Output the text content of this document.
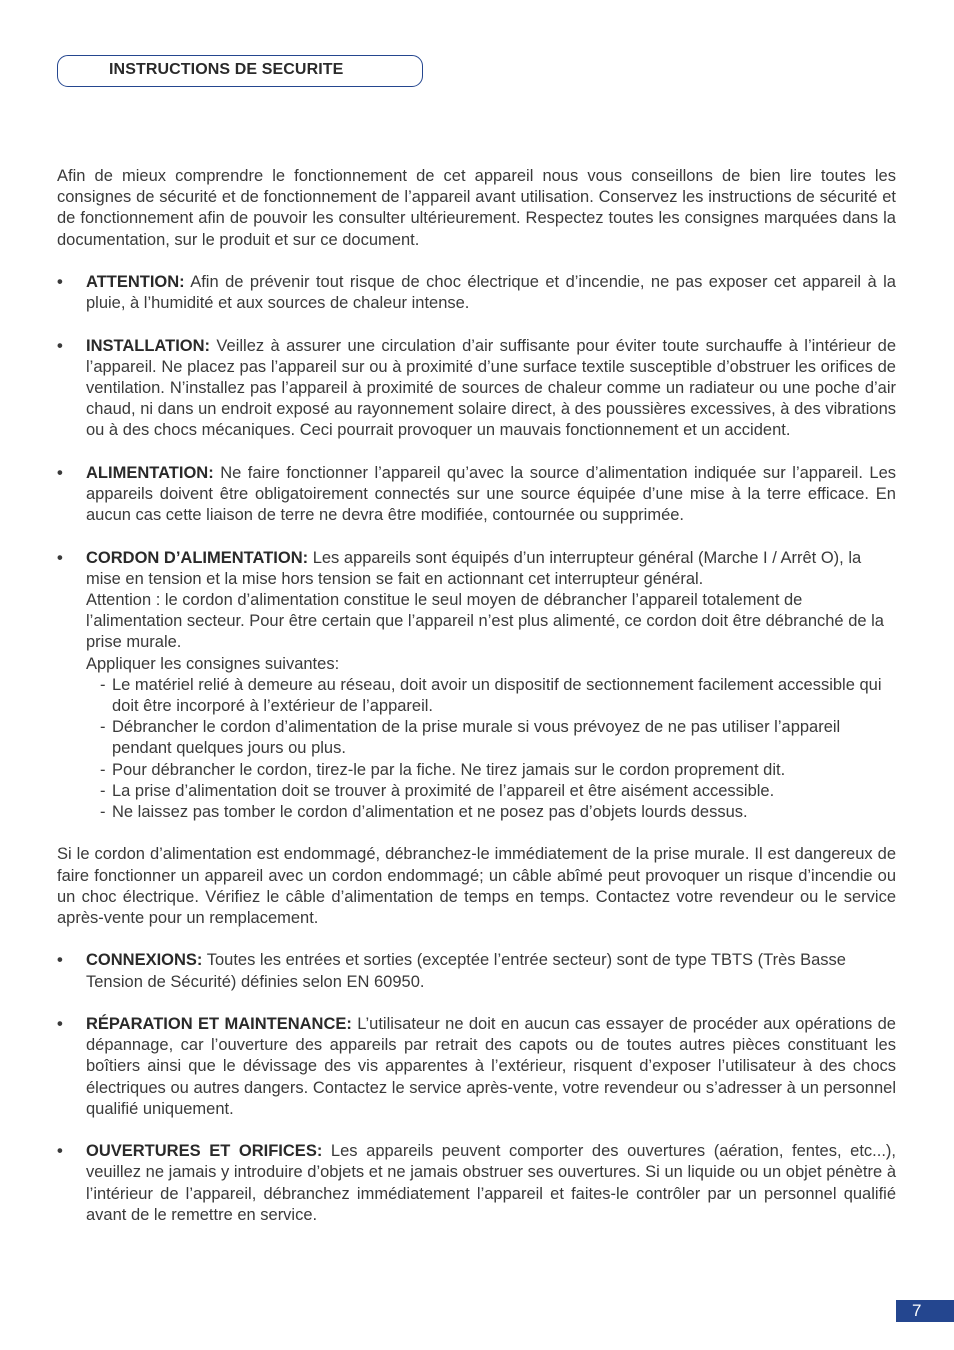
INSTRUCTIONS DE SECURITE

Afin de mieux comprendre le fonctionnement de cet appareil nous vous conseillons de bien lire toutes les consignes de sécurité et de fonctionnement de l’appareil avant utilisation. Conservez les instructions de sécurité et de fonctionnement afin de pouvoir les consulter ultérieurement. Respectez toutes les consignes marquées dans la documentation, sur le produit et sur ce document.

• ATTENTION: Afin de prévenir tout risque de choc électrique et d’incendie, ne pas exposer cet appareil à la pluie, à l’humidité et aux sources de chaleur intense.

• INSTALLATION: Veillez à assurer une circulation d’air suffisante pour éviter toute surchauffe à l’intérieur de l’appareil. Ne placez pas l’appareil sur ou à proximité d’une surface textile susceptible d’obstruer les orifices de ventilation. N’installez pas l’appareil à proximité de sources de chaleur comme un radiateur ou une poche d’air chaud, ni dans un endroit exposé au rayonnement solaire direct, à des poussières excessives, à des vibrations ou à des chocs mécaniques. Ceci pourrait provoquer un mauvais fonctionnement et un accident.

• ALIMENTATION: Ne faire fonctionner l’appareil qu’avec la source d’alimentation indiquée sur l’appareil. Les appareils doivent être obligatoirement connectés sur une source équipée d’une mise à la terre efficace. En aucun cas cette liaison de terre ne devra être modifiée, contournée ou supprimée.

• CORDON D’ALIMENTATION: Les appareils sont équipés d’un interrupteur général (Marche I / Arrêt O), la mise en tension et la mise hors tension se fait en actionnant cet interrupteur général.

Attention : le cordon d’alimentation constitue le seul moyen de débrancher l’appareil totalement de l’alimentation secteur. Pour être certain que l’appareil n’est plus alimenté, ce cordon doit être débranché de la prise murale.

Appliquer les consignes suivantes:

- Le matériel relié à demeure au réseau, doit avoir un dispositif de sectionnement facilement accessible qui doit être incorporé à l’extérieur de l’appareil.
- Débrancher le cordon d’alimentation de la prise murale si vous prévoyez de ne pas utiliser l’appareil pendant quelques jours ou plus.
- Pour débrancher le cordon, tirez-le par la fiche. Ne tirez jamais sur le cordon proprement dit.
- La prise d’alimentation doit se trouver à proximité de l’appareil et être aisément accessible.
- Ne laissez pas tomber le cordon d’alimentation et ne posez pas d’objets lourds dessus.

Si le cordon d’alimentation est endommagé, débranchez-le immédiatement de la prise murale. Il est dangereux de faire fonctionner un appareil avec un cordon endommagé; un câble abîmé peut provoquer un risque d’incendie ou un choc électrique. Vérifiez le câble d’alimentation de temps en temps. Contactez votre revendeur ou le service après-vente pour un remplacement.

• CONNEXIONS: Toutes les entrées et sorties (exceptée l’entrée secteur) sont de type TBTS (Très Basse Tension de Sécurité) définies selon EN 60950.

• RÉPARATION ET MAINTENANCE: L’utilisateur ne doit en aucun cas essayer de procéder aux opérations de dépannage, car l’ouverture des appareils par retrait des capots ou de toutes autres pièces constituant les boîtiers ainsi que le dévissage des vis apparentes à l’extérieur, risquent d’exposer l’utilisateur à des chocs électriques ou autres dangers. Contactez le service après-vente, votre revendeur ou s’adresser à un personnel qualifié uniquement.

• OUVERTURES ET ORIFICES: Les appareils peuvent comporter des ouvertures (aération, fentes, etc...), veuillez ne jamais y introduire d’objets et ne jamais obstruer ses ouvertures. Si un liquide ou un objet pénètre à l’intérieur de l’appareil, débranchez immédiatement l’appareil et faites-le contrôler par un personnel qualifié avant de le remettre en service.

7
